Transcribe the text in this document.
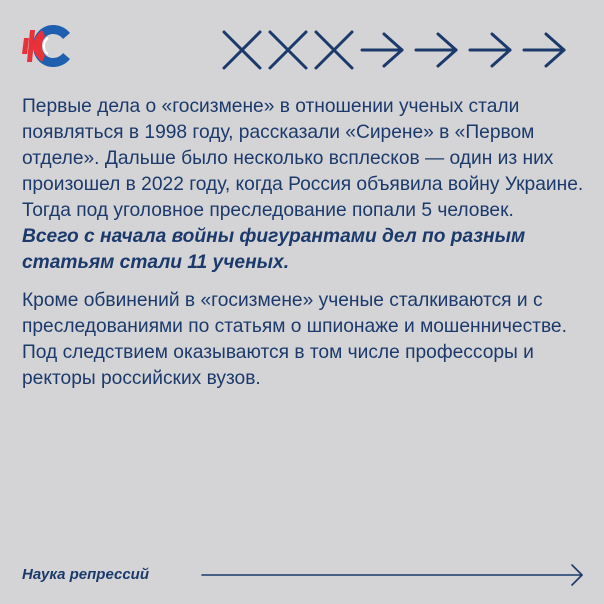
Первые дела о «госизмене» в отношении ученых стали появляться в 1998 году, рассказали «Сирене» в «Первом отделе». Дальше было несколько всплесков — один из них произошел в 2022 году, когда Россия объявила войну Украине. Тогда под уголовное преследование попали 5 человек.

Всего с начала войны фигурантами дел по разным статьям стали 11 ученых.

Кроме обвинений в «госизмене» ученые сталкиваются и с преследованиями по статьям о шпионаже и мошенничестве. Под следствием оказываются в том числе профессоры и ректоры российских вузов.

Наука репрессий
